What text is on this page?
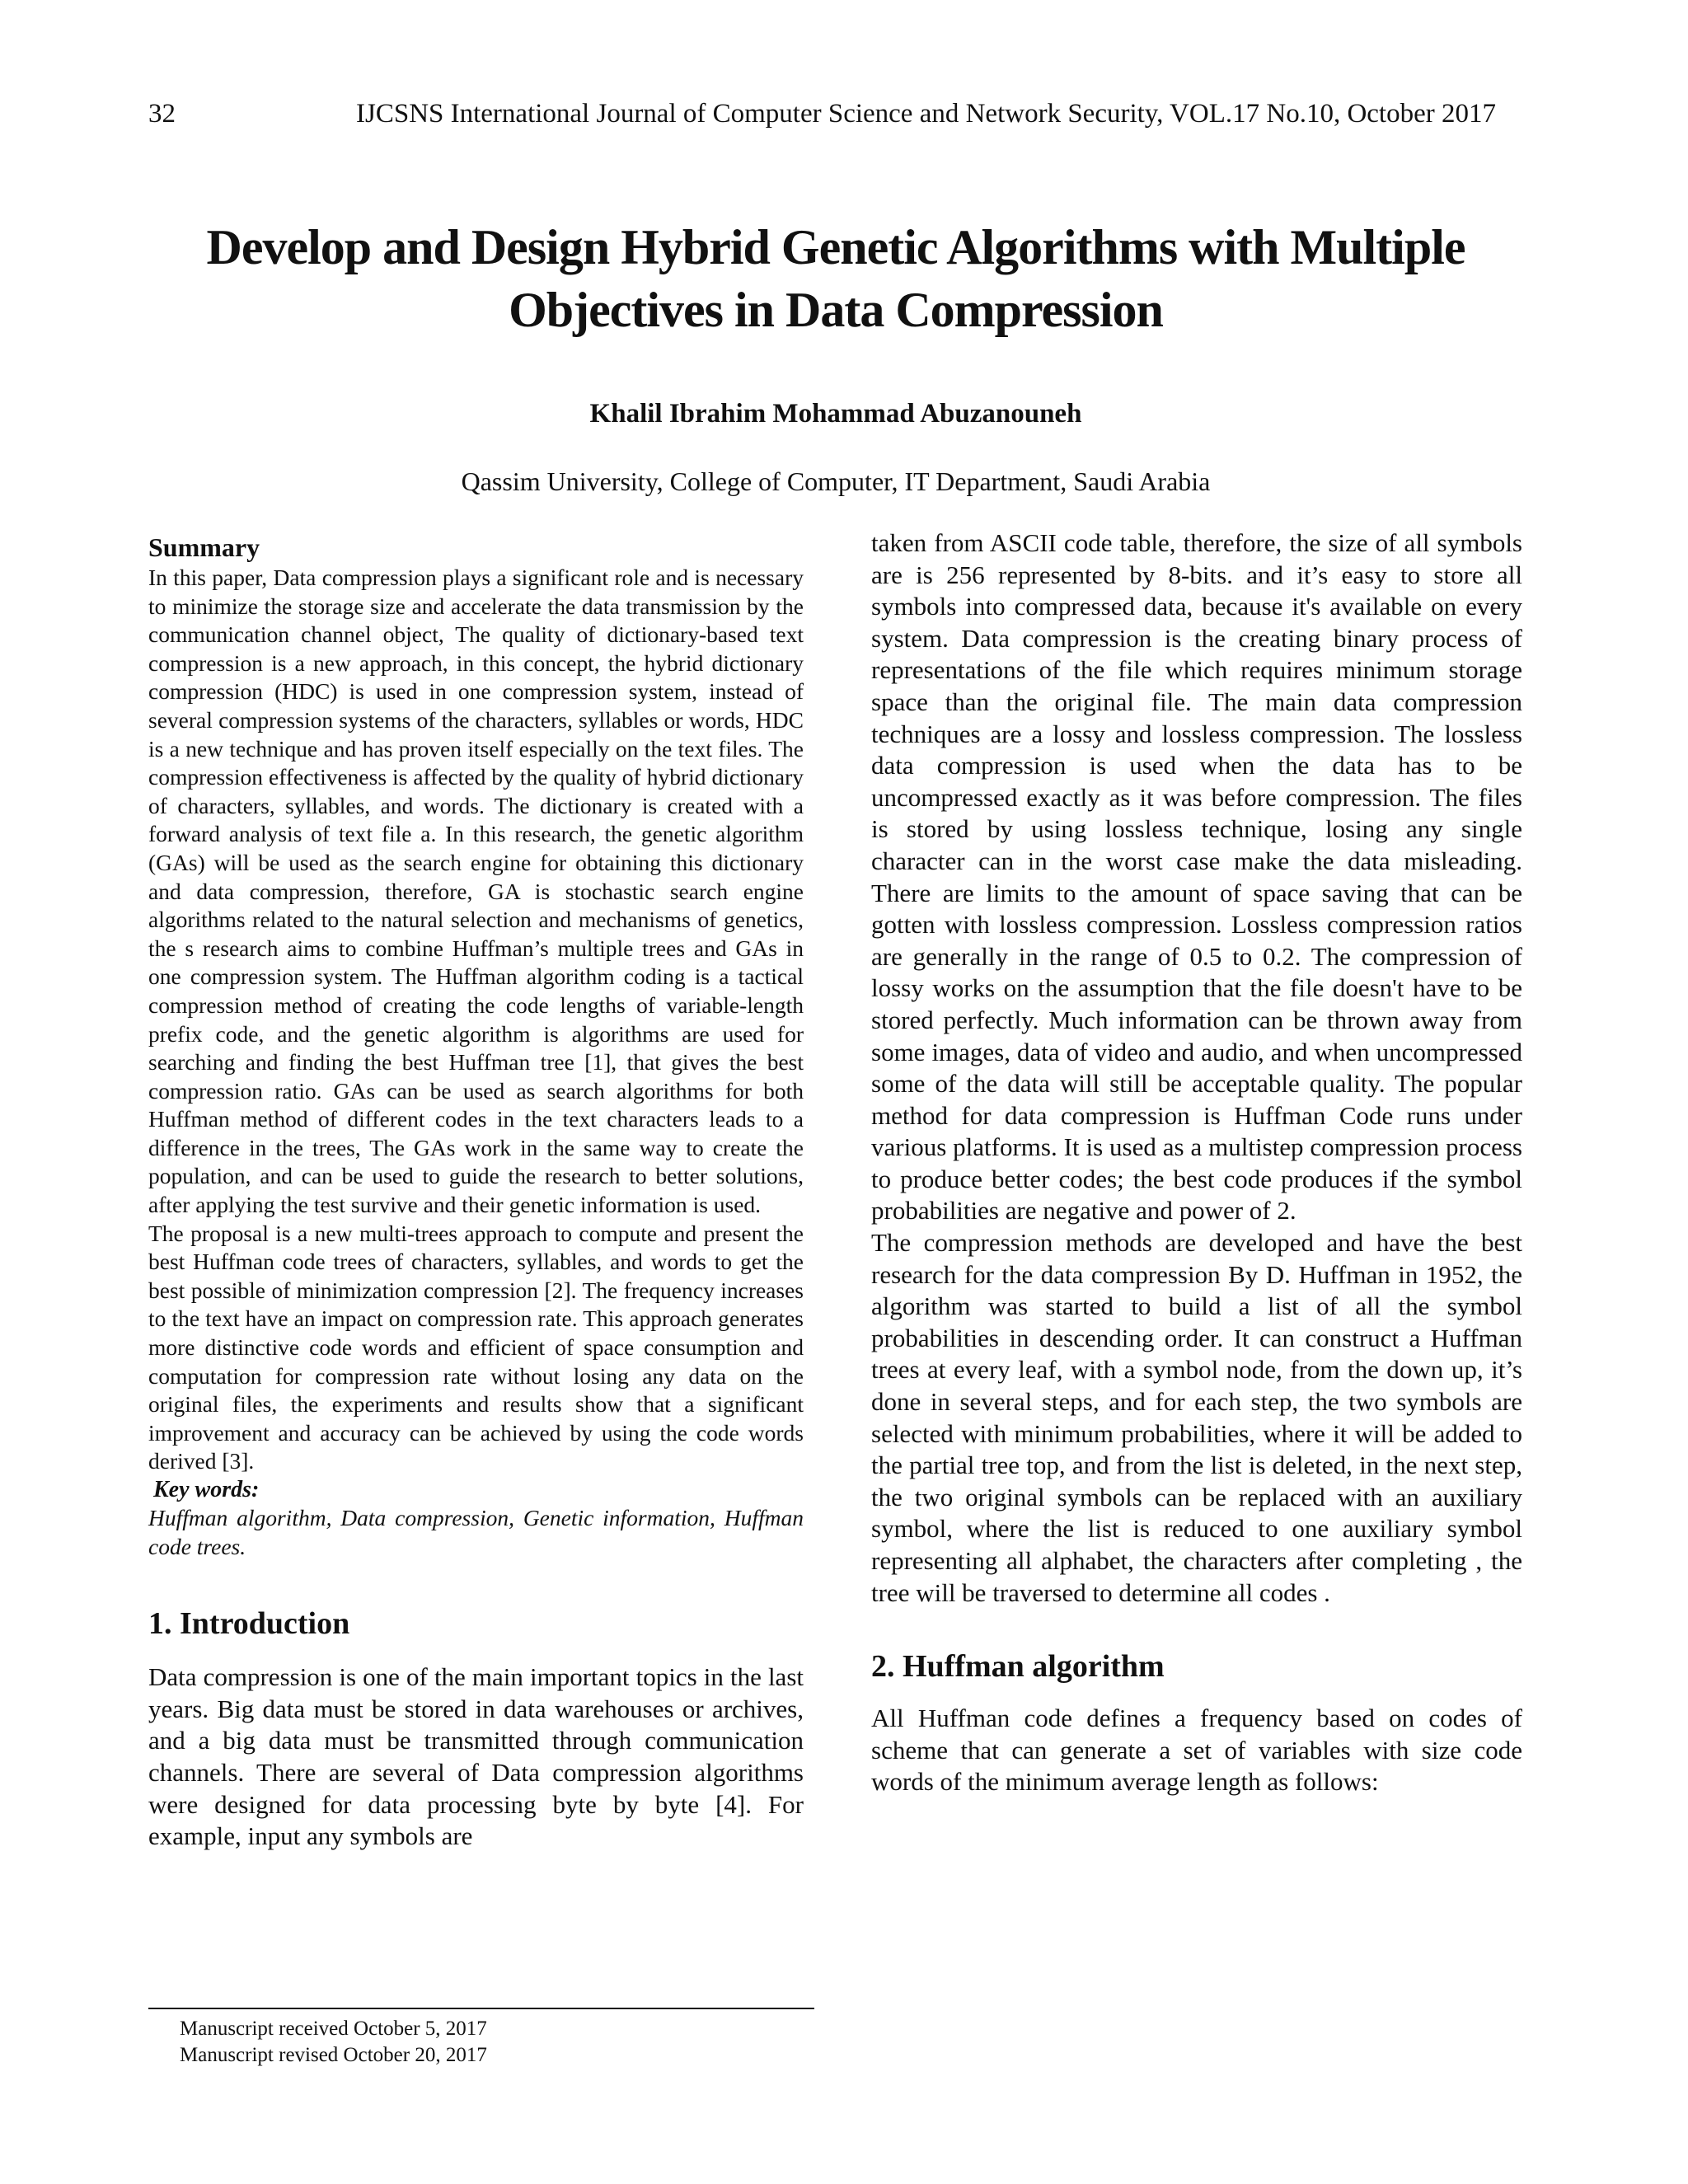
32	IJCSNS International Journal of Computer Science and Network Security, VOL.17 No.10, October 2017
Develop and Design Hybrid Genetic Algorithms with Multiple
Objectives in Data Compression
Khalil Ibrahim Mohammad Abuzanouneh
Qassim University, College of Computer, IT Department, Saudi Arabia

Summary

In this paper, Data compression plays a significant role and is necessary to minimize the storage size and accelerate the data transmission by the communication channel object, The quality of dictionary-based text compression is a new approach, in this concept, the hybrid dictionary compression (HDC) is used in one compression system, instead of several compression systems of the characters, syllables or words, HDC is a new technique and has proven itself especially on the text files. The compression effectiveness is affected by the quality of hybrid dictionary of characters, syllables, and words. The dictionary is created with a forward analysis of text file a. In this research, the genetic algorithm (GAs) will be used as the search engine for obtaining this dictionary and data compression, therefore, GA is stochastic search engine algorithms related to the natural selection and mechanisms of genetics, the s research aims to combine Huffman’s multiple trees and GAs in one compression system. The Huffman algorithm coding is a tactical compression method of creating the code lengths of variable-length prefix code, and the genetic algorithm is algorithms are used for searching and finding the best Huffman tree [1], that gives the best compression ratio. GAs can be used as search algorithms for both Huffman method of different codes in the text characters leads to a difference in the trees, The GAs work in the same way to create the population, and can be used to guide the research to better solutions, after applying the test survive and their genetic information is used.

The proposal is a new multi-trees approach to compute and present the best Huffman code trees of characters, syllables, and words to get the best possible of minimization compression [2]. The frequency increases to the text have an impact on compression rate. This approach generates more distinctive code words and efficient of space consumption and computation for compression rate without losing any data on the original files, the experiments and results show that a significant improvement and accuracy can be achieved by using the code words derived [3].

Key words:

Huffman algorithm, Data compression, Genetic information, Huffman code trees.

1. Introduction

Data compression is one of the main important topics in the last years. Big data must be stored in data warehouses or archives, and a big data must be transmitted through communication channels. There are several of Data compression algorithms were designed for data processing byte by byte [4]. For example, input any symbols are

taken from ASCII code table, therefore, the size of all symbols are is 256 represented by 8-bits. and it’s easy to store all symbols into compressed data, because it's available on every system. Data compression is the creating binary process of representations of the file which requires minimum storage space than the original file. The main data compression techniques are a lossy and lossless compression. The lossless data compression is used when the data has to be uncompressed exactly as it was before compression. The files is stored by using lossless technique, losing any single character can in the worst case make the data misleading. There are limits to the amount of space saving that can be gotten with lossless compression. Lossless compression ratios are generally in the range of 0.5 to 0.2. The compression of lossy works on the assumption that the file doesn't have to be stored perfectly. Much information can be thrown away from some images, data of video and audio, and when uncompressed some of the data will still be acceptable quality. The popular method for data compression is Huffman Code runs under various platforms. It is used as a multistep compression process to produce better codes; the best code produces if the symbol probabilities are negative and power of 2.

The compression methods are developed and have the best research for the data compression By D. Huffman in 1952, the algorithm was started to build a list of all the symbol probabilities in descending order. It can construct a Huffman trees at every leaf, with a symbol node, from the down up, it’s done in several steps, and for each step, the two symbols are selected with minimum probabilities, where it will be added to the partial tree top, and from the list is deleted, in the next step, the two original symbols can be replaced with an auxiliary symbol, where the list is reduced to one auxiliary symbol representing all alphabet, the characters after completing , the tree will be traversed to determine all codes .

2. Huffman algorithm

All Huffman code defines a frequency based on codes of scheme that can generate a set of variables with size code words of the minimum average length as follows:

Manuscript received October 5, 2017
Manuscript revised October 20, 2017
